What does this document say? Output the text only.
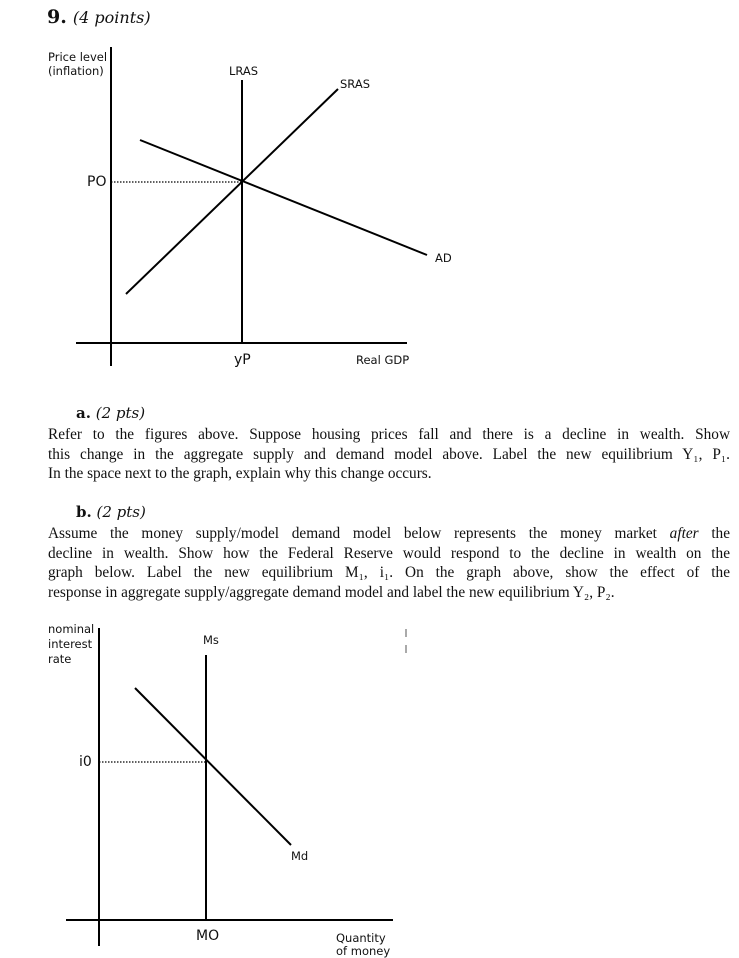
9. (4 points)
Price level
(inflation)	LRAS
SRAS
AD
PO
yP	Real GDP
a. (2 pts)
Refer to the figures above. Suppose housing prices fall and there is a decline in wealth. Show
this change in the aggregate supply and demand model above. Label the new equilibrium Y₁, P₁.
In the space next to the graph, explain why this change occurs.
b. (2 pts)
Assume the money supply/model demand model below represents the money market after the
decline in wealth. Show how the Federal Reserve would respond to the decline in wealth on the
graph below. Label the new equilibrium M₁, i₁. On the graph above, show the effect of the
response in aggregate supply/aggregate demand model and label the new equilibrium Y₂, P₂.
nominal
interest
rate
Ms
i0
Md
MO	Quantity
of money
